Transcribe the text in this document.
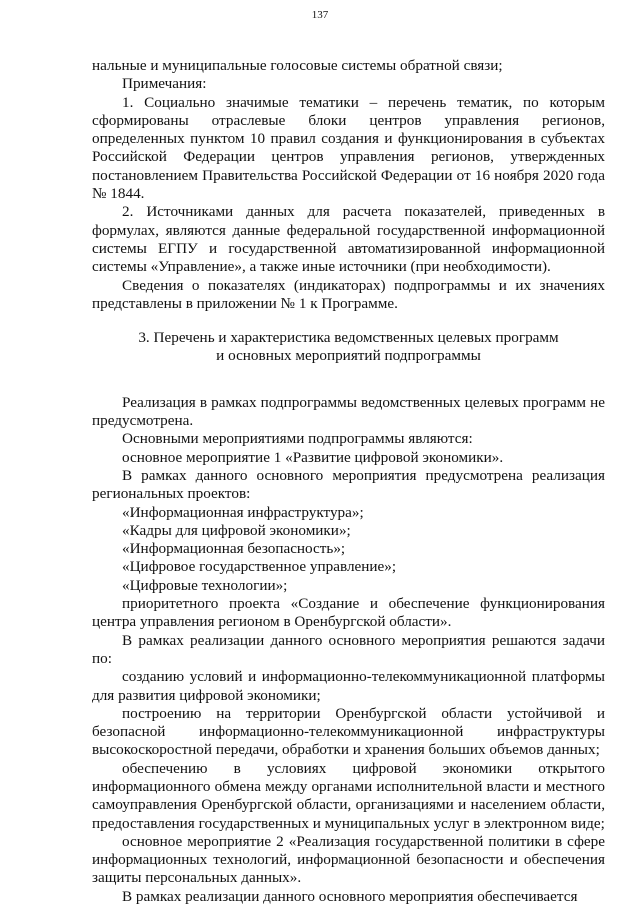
137

нальные и муниципальные голосовые системы обратной связи;

Примечания:

1. Социально значимые тематики – перечень тематик, по которым сформированы отраслевые блоки центров управления регионов, определенных пунктом 10 правил создания и функционирования в субъектах Российской Федерации центров управления регионов, утвержденных постановлением Правительства Российской Федерации от 16 ноября 2020 года № 1844.

2. Источниками данных для расчета показателей, приведенных в формулах, являются данные федеральной государственной информационной системы ЕГПУ и государственной автоматизированной информационной системы «Управление», а также иные источники (при необходимости).

Сведения о показателях (индикаторах) подпрограммы и их значениях представлены в приложении № 1 к Программе.

3. Перечень и характеристика ведомственных целевых программ
и основных мероприятий подпрограммы

Реализация в рамках подпрограммы ведомственных целевых программ не предусмотрена.

Основными мероприятиями подпрограммы являются:

основное мероприятие 1 «Развитие цифровой экономики».

В рамках данного основного мероприятия предусмотрена реализация региональных проектов:

«Информационная инфраструктура»;

«Кадры для цифровой экономики»;

«Информационная безопасность»;

«Цифровое государственное управление»;

«Цифровые технологии»;

приоритетного проекта «Создание и обеспечение функционирования центра управления регионом в Оренбургской области».

В рамках реализации данного основного мероприятия решаются задачи по:

созданию условий и информационно-телекоммуникационной платформы для развития цифровой экономики;

построению на территории Оренбургской области устойчивой и безопасной информационно-телекоммуникационной инфраструктуры высокоскоростной передачи, обработки и хранения больших объемов данных;

обеспечению в условиях цифровой экономики открытого информационного обмена между органами исполнительной власти и местного самоуправления Оренбургской области, организациями и населением области, предоставления государственных и муниципальных услуг в электронном виде;

основное мероприятие 2 «Реализация государственной политики в сфере информационных технологий, информационной безопасности и обеспечения защиты персональных данных».

В рамках реализации данного основного мероприятия обеспечивается
